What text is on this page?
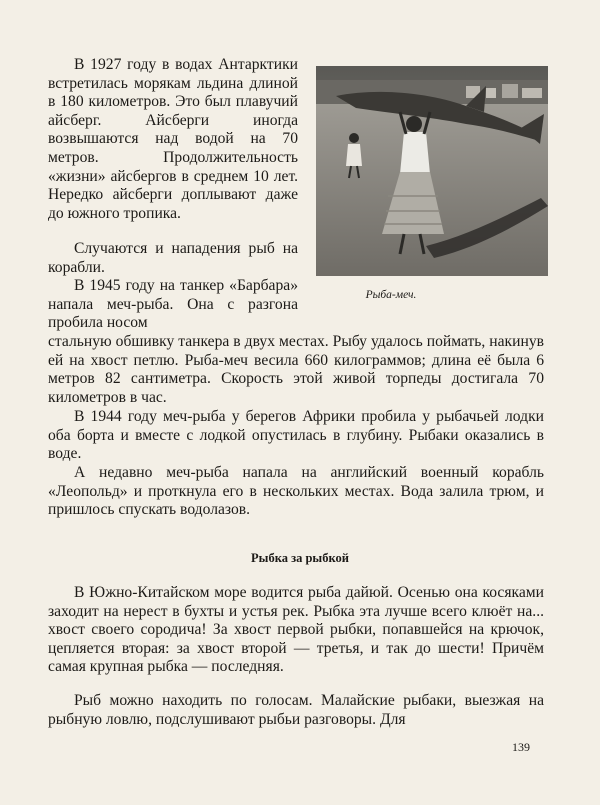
В 1927 году в водах Антарктики встретилась морякам льдина длиной в 180 километров. Это был плавучий айсберг. Айсберги иногда возвышаются над водой на 70 метров. Продолжительность «жизни» айсбергов в среднем 10 лет. Нередко айсберги доплывают даже до южного тропика.

Случаются и нападения рыб на корабли.

В 1945 году на танкер «Барбара» напала меч-рыба. Она с разгона пробила носом

Рыба-меч.

стальную обшивку танкера в двух местах. Рыбу удалось поймать, накинув ей на хвост петлю. Рыба-меч весила 660 килограммов; длина её была 6 метров 82 сантиметра. Скорость этой живой торпеды достигала 70 километров в час.

В 1944 году меч-рыба у берегов Африки пробила у рыбачьей лодки оба борта и вместе с лодкой опустилась в глубину. Рыбаки оказались в воде.

А недавно меч-рыба напала на английский военный корабль «Леопольд» и проткнула его в нескольких местах. Вода залила трюм, и пришлось спускать водолазов.

Рыбка за рыбкой

В Южно-Китайском море водится рыба дайюй. Осенью она косяками заходит на нерест в бухты и устья рек. Рыбка эта лучше всего клюёт на... хвост своего сородича! За хвост первой рыбки, попавшейся на крючок, цепляется вторая: за хвост второй — третья, и так до шести! Причём самая крупная рыбка — последняя.

Рыб можно находить по голосам. Малайские рыбаки, выезжая на рыбную ловлю, подслушивают рыбьи разговоры. Для

139
